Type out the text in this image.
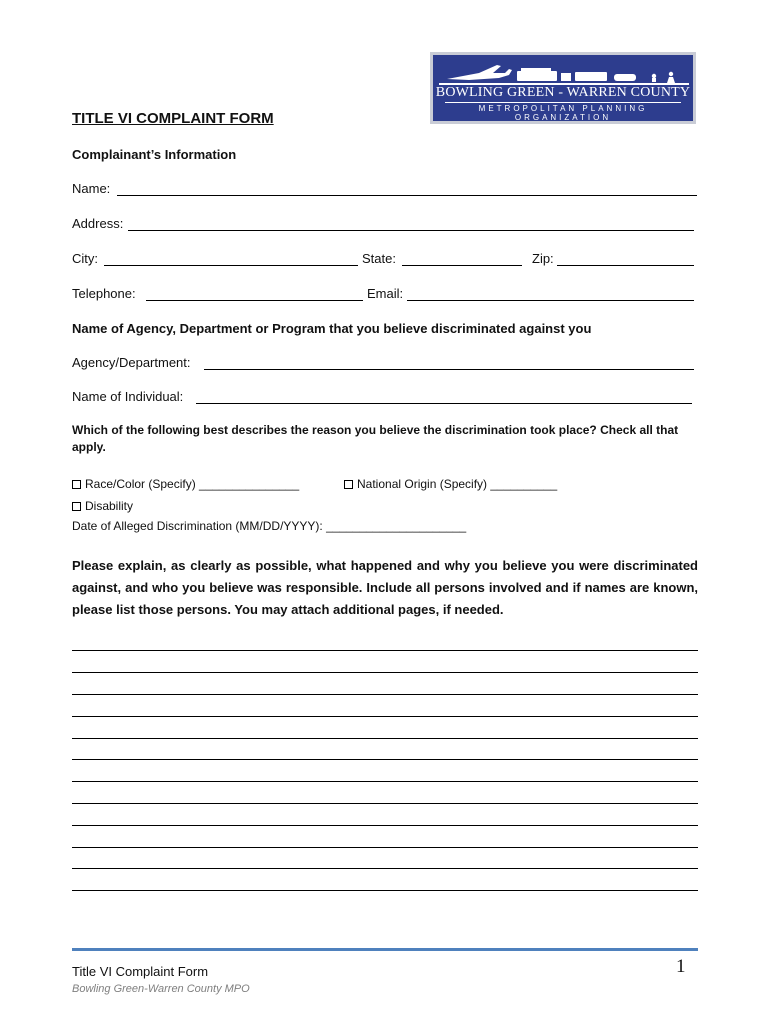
BOWLING GREEN - WARREN COUNTY
METROPOLITAN PLANNING ORGANIZATION
TITLE VI COMPLAINT FORM
Complainant’s Information
Name:
Address:
City:	State:	Zip:
Telephone:	Email:
Name of Agency, Department or Program that you believe discriminated against you
Agency/Department:
Name of Individual:
Which of the following best describes the reason you believe the discrimination took place? Check all that
apply.
Race/Color (Specify) _______________	National Origin (Specify) __________
Disability
Date of Alleged Discrimination (MM/DD/YYYY): _____________________
Please explain, as clearly as possible, what happened and why you believe you were discriminated against, and who you believe was responsible. Include all persons involved and if names are known, please list those persons. You may attach additional pages, if needed.
Title VI Complaint Form
Bowling Green-Warren County MPO
1
